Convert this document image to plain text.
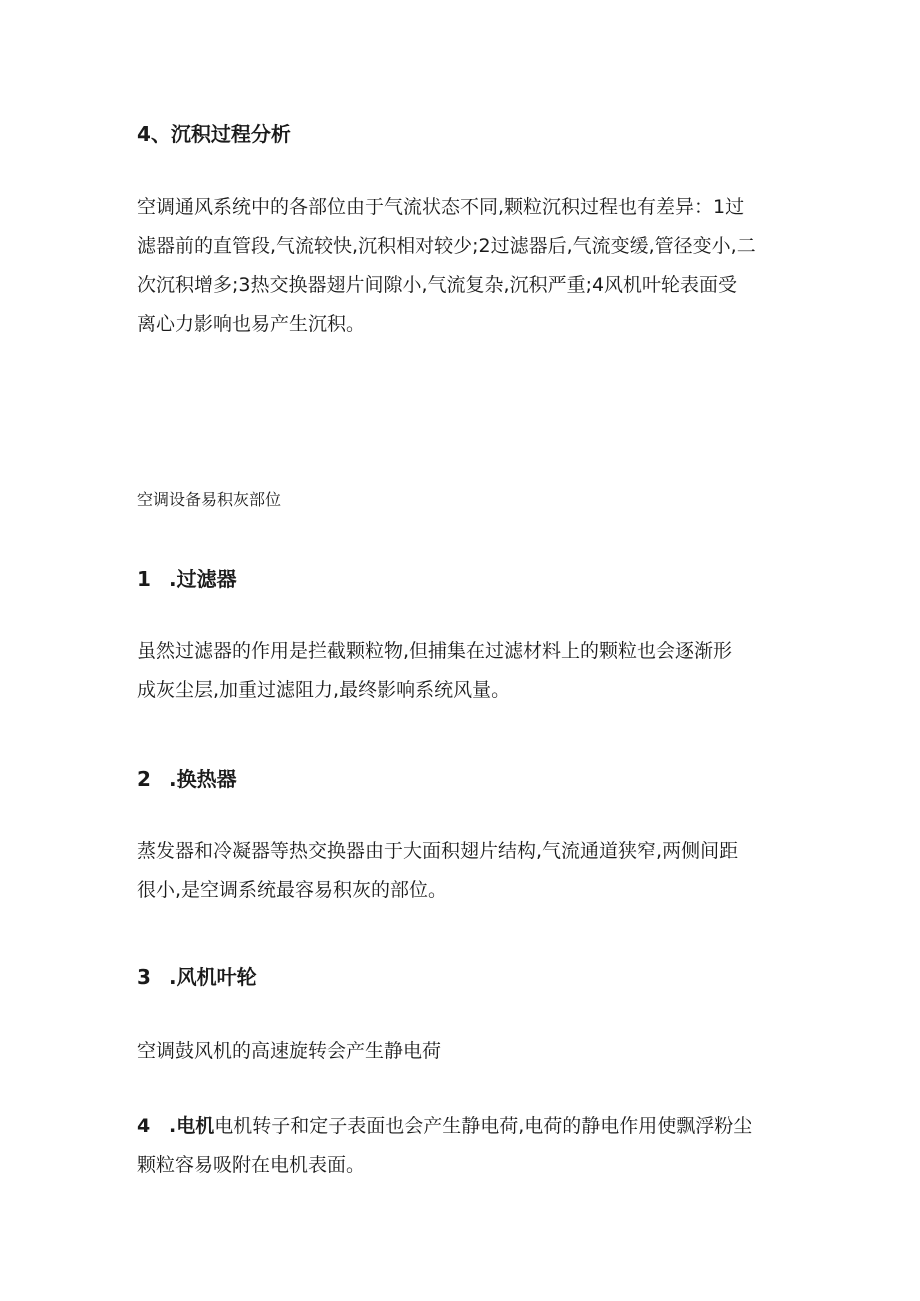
4、沉积过程分析
空调通风系统中的各部位由于气流状态不同,颗粒沉积过程也有差异：1过
滤器前的直管段,气流较快,沉积相对较少;2过滤器后,气流变缓,管径变小,二
次沉积增多;3热交换器翅片间隙小,气流复杂,沉积严重;4风机叶轮表面受
离心力影响也易产生沉积。
空调设备易积灰部位
1 .过滤器
虽然过滤器的作用是拦截颗粒物,但捕集在过滤材料上的颗粒也会逐渐形
成灰尘层,加重过滤阻力,最终影响系统风量。
2 .换热器
蒸发器和冷凝器等热交换器由于大面积翅片结构,气流通道狭窄,两侧间距
很小,是空调系统最容易积灰的部位。
3 .风机叶轮
空调鼓风机的高速旋转会产生静电荷
4 .电机电机转子和定子表面也会产生静电荷,电荷的静电作用使飘浮粉尘
颗粒容易吸附在电机表面。
